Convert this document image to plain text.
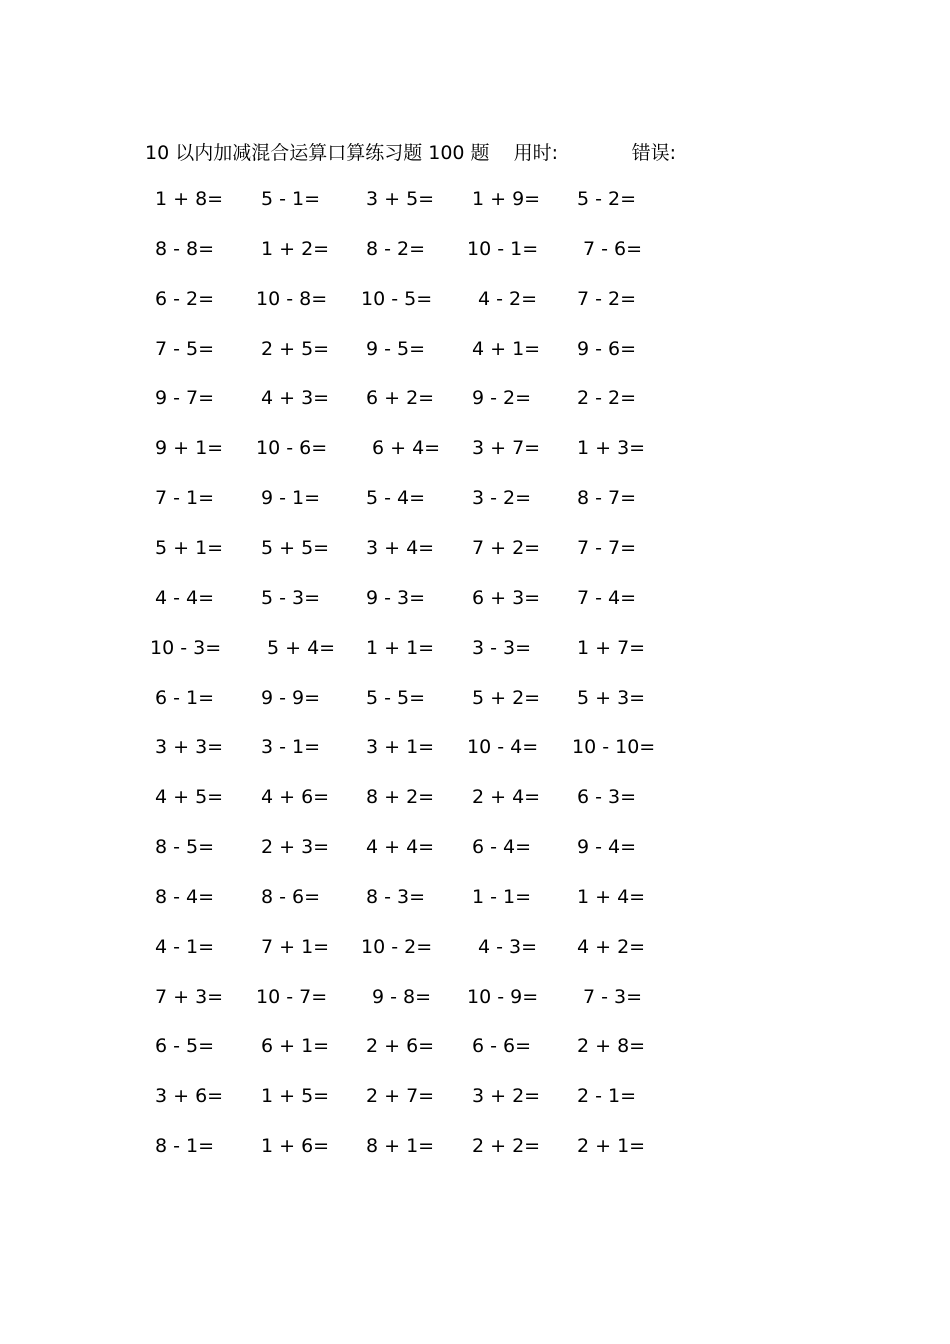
10 以内加减混合运算口算练习题 100 题 用时:	错误:
1 + 8= 5 - 1= 3 + 5= 1 + 9= 5 - 2=
8 - 8= 1 + 2= 8 - 2= 10 - 1= 7 - 6=
6 - 2= 10 - 8= 10 - 5= 4 - 2= 7 - 2=
7 - 5= 2 + 5= 9 - 5= 4 + 1= 9 - 6=
9 - 7= 4 + 3= 6 + 2= 9 - 2= 2 - 2=
9 + 1= 10 - 6= 6 + 4= 3 + 7= 1 + 3=
7 - 1= 9 - 1= 5 - 4= 3 - 2= 8 - 7=
5 + 1= 5 + 5= 3 + 4= 7 + 2= 7 - 7=
4 - 4= 5 - 3= 9 - 3= 6 + 3= 7 - 4=
10 - 3= 5 + 4= 1 + 1= 3 - 3= 1 + 7=
6 - 1= 9 - 9= 5 - 5= 5 + 2= 5 + 3=
3 + 3= 3 - 1= 3 + 1= 10 - 4= 10 - 10=
4 + 5= 4 + 6= 8 + 2= 2 + 4= 6 - 3=
8 - 5= 2 + 3= 4 + 4= 6 - 4= 9 - 4=
8 - 4= 8 - 6= 8 - 3= 1 - 1= 1 + 4=
4 - 1= 7 + 1= 10 - 2= 4 - 3= 4 + 2=
7 + 3= 10 - 7= 9 - 8= 10 - 9= 7 - 3=
6 - 5= 6 + 1= 2 + 6= 6 - 6= 2 + 8=
3 + 6= 1 + 5= 2 + 7= 3 + 2= 2 - 1=
8 - 1= 1 + 6= 8 + 1= 2 + 2= 2 + 1=
